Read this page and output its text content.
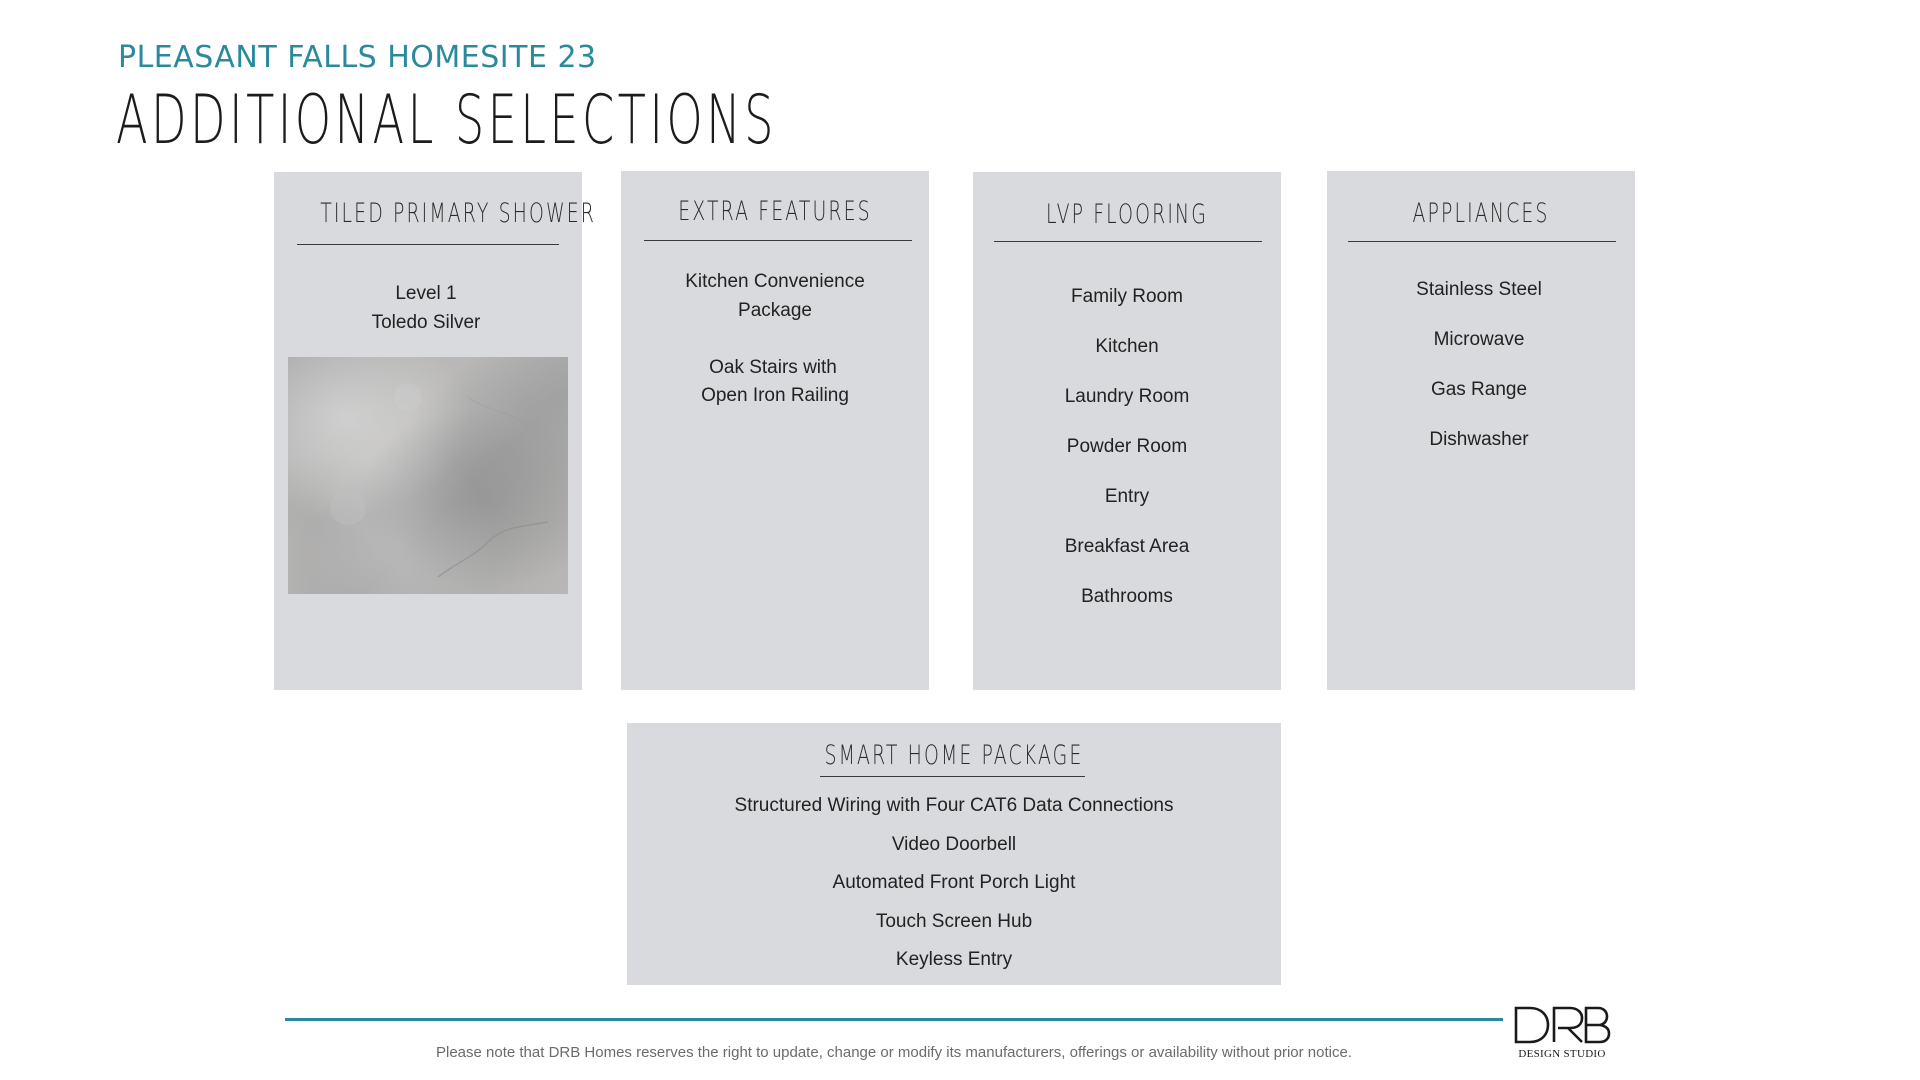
PLEASANT FALLS HOMESITE 23
ADDITIONAL SELECTIONS
TILED PRIMARY SHOWER
Level 1
Toledo Silver
EXTRA FEATURES
Kitchen Convenience
Package
Oak Stairs with
Open Iron Railing
LVP FLOORING
Family Room
Kitchen
Laundry Room
Powder Room
Entry
Breakfast Area
Bathrooms
APPLIANCES
Stainless Steel
Microwave
Gas Range
Dishwasher
SMART HOME PACKAGE
Structured Wiring with Four CAT6 Data Connections
Video Doorbell
Automated Front Porch Light
Touch Screen Hub
Keyless Entry
Please note that DRB Homes reserves the right to update, change or modify its manufacturers, offerings or availability without prior notice.	DESIGN STUDIO
